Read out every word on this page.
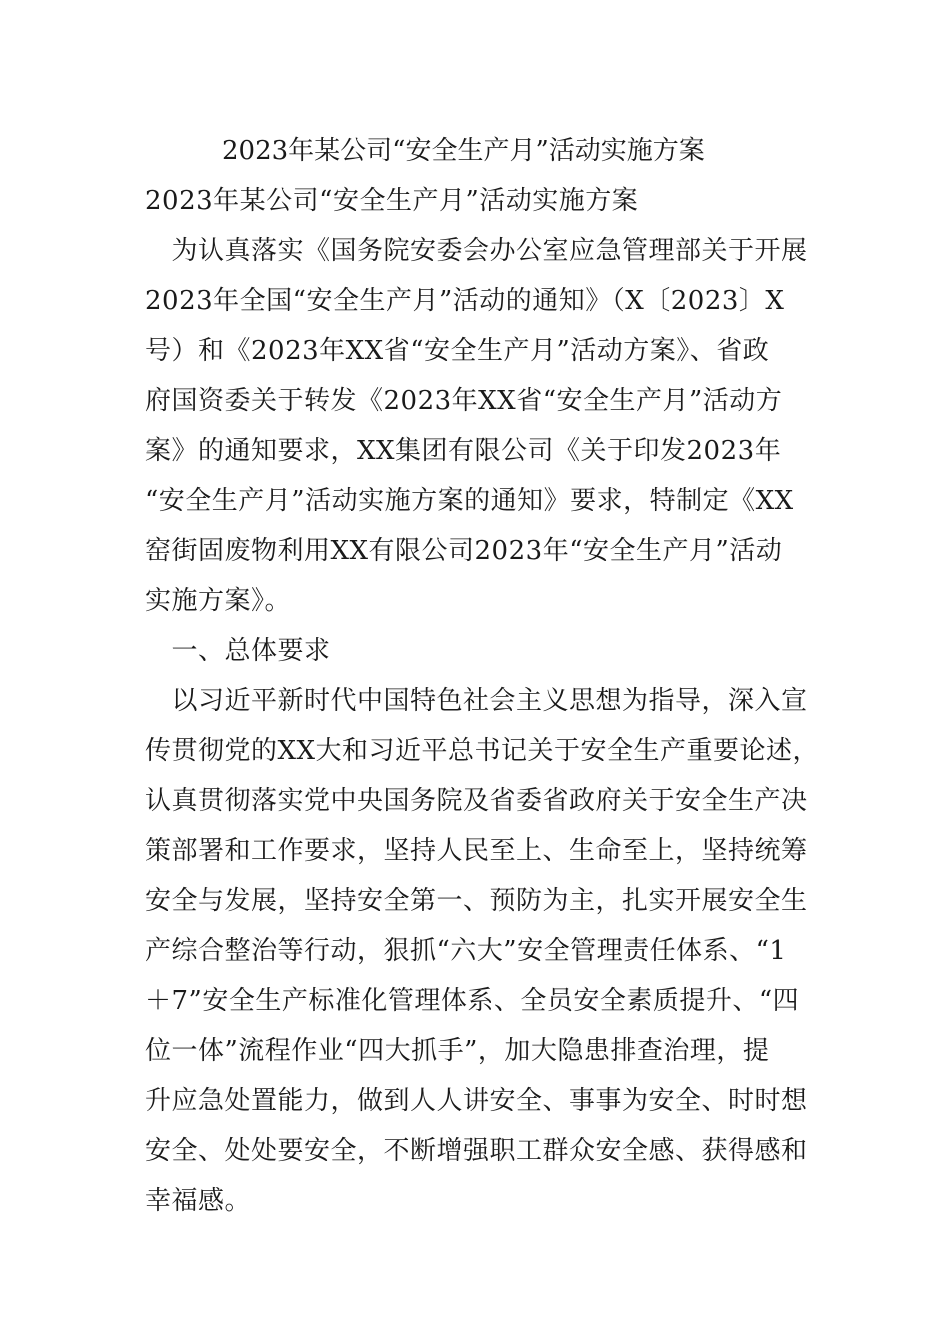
2023年某公司“安全生产月”活动实施方案
2023年某公司“安全生产月”活动实施方案
　为认真落实《国务院安委会办公室应急管理部关于开展
2023年全国“安全生产月”活动的通知》（X〔2023〕X
号）和《2023年XX省“安全生产月”活动方案》、省政
府国资委关于转发《2023年XX省“安全生产月”活动方
案》的通知要求，XX集团有限公司《关于印发2023年
“安全生产月”活动实施方案的通知》要求，特制定《XX
窑街固废物利用XX有限公司2023年“安全生产月”活动
实施方案》。
　一、总体要求
　以习近平新时代中国特色社会主义思想为指导，深入宣
传贯彻党的XX大和习近平总书记关于安全生产重要论述，
认真贯彻落实党中央国务院及省委省政府关于安全生产决
策部署和工作要求，坚持人民至上、生命至上，坚持统筹
安全与发展，坚持安全第一、预防为主，扎实开展安全生
产综合整治等行动，狠抓“六大”安全管理责任体系、“1
＋7”安全生产标准化管理体系、全员安全素质提升、“四
位一体”流程作业“四大抓手”，加大隐患排查治理，提
升应急处置能力，做到人人讲安全、事事为安全、时时想
安全、处处要安全，不断增强职工群众安全感、获得感和
幸福感。
